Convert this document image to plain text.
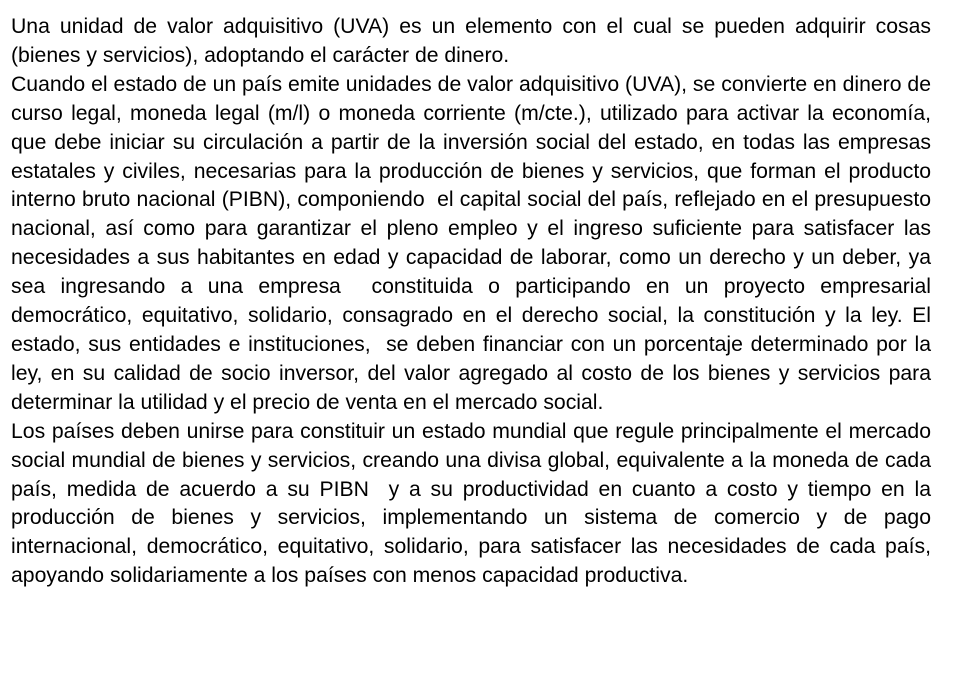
Una unidad de valor adquisitivo (UVA) es un elemento con el cual se pueden adquirir cosas (bienes y servicios), adoptando el carácter de dinero.

Cuando el estado de un país emite unidades de valor adquisitivo (UVA), se convierte en dinero de curso legal, moneda legal (m/l) o moneda corriente (m/cte.), utilizado para activar la economía, que debe iniciar su circulación a partir de la inversión social del estado, en todas las empresas estatales y civiles, necesarias para la producción de bienes y servicios, que forman el producto interno bruto nacional (PIBN), componiendo  el capital social del país, reflejado en el presupuesto nacional, así como para garantizar el pleno empleo y el ingreso suficiente para satisfacer las necesidades a sus habitantes en edad y capacidad de laborar, como un derecho y un deber, ya sea ingresando a una empresa  constituida o participando en un proyecto empresarial democrático, equitativo, solidario, consagrado en el derecho social, la constitución y la ley. El estado, sus entidades e instituciones,  se deben financiar con un porcentaje determinado por la ley, en su calidad de socio inversor, del valor agregado al costo de los bienes y servicios para determinar la utilidad y el precio de venta en el mercado social.

Los países deben unirse para constituir un estado mundial que regule principalmente el mercado social mundial de bienes y servicios, creando una divisa global, equivalente a la moneda de cada país, medida de acuerdo a su PIBN  y a su productividad en cuanto a costo y tiempo en la producción de bienes y servicios, implementando un sistema de comercio y de pago internacional, democrático, equitativo, solidario, para satisfacer las necesidades de cada país,  apoyando solidariamente a los países con menos capacidad productiva.
